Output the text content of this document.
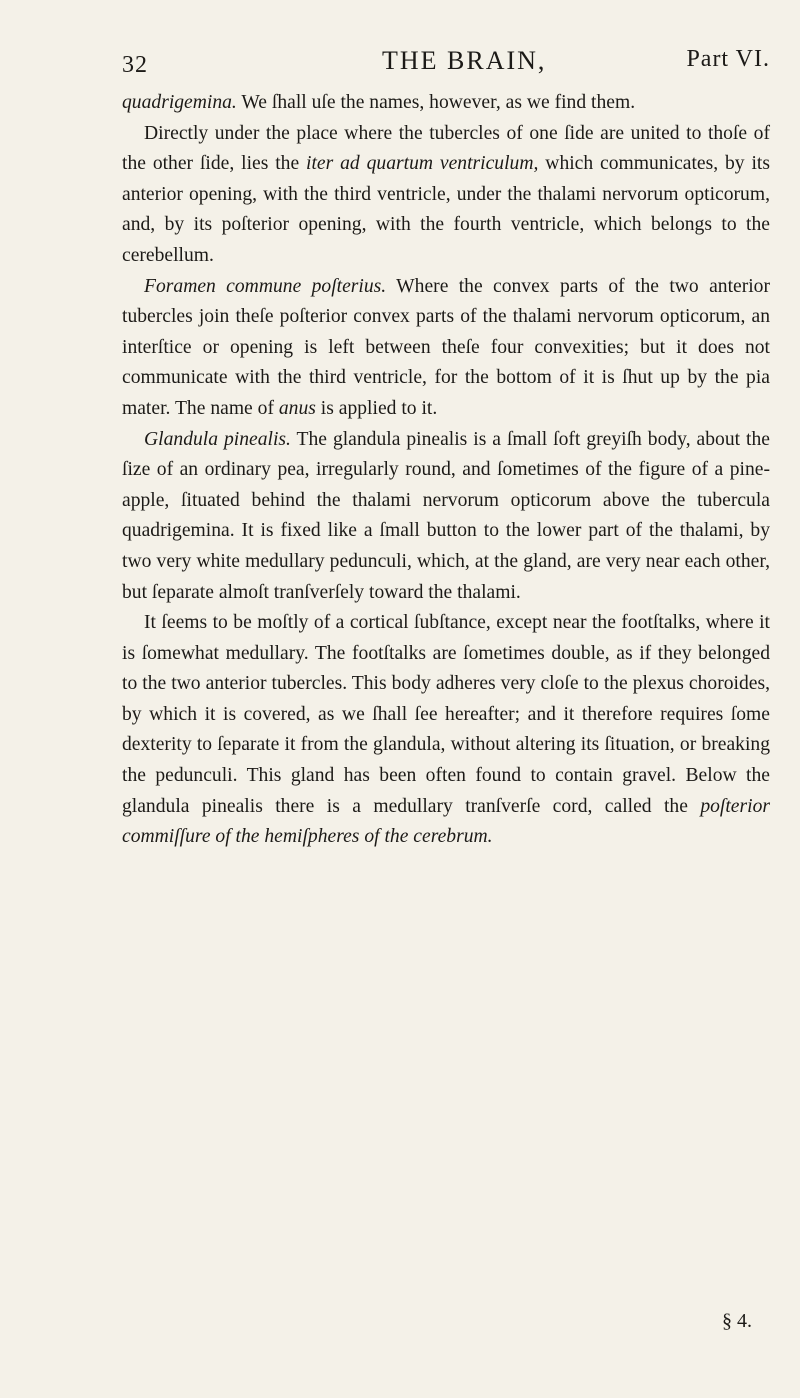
32	THE BRAIN,	Part VI.

quadrigemina. We ſhall uſe the names, however, as we find them.

Directly under the place where the tubercles of one ſide are united to thoſe of the other ſide, lies the iter ad quartum ventriculum, which communicates, by its anterior opening, with the third ventricle, under the thalami nervorum opticorum, and, by its poſterior opening, with the fourth ventricle, which belongs to the cerebellum.

Foramen commune poſterius. Where the convex parts of the two anterior tubercles join theſe poſterior convex parts of the thalami nervorum opticorum, an interſtice or opening is left between theſe four convexities; but it does not communicate with the third ventricle, for the bottom of it is ſhut up by the pia mater. The name of anus is applied to it.

Glandula pinealis. The glandula pinealis is a ſmall ſoft greyiſh body, about the ſize of an ordinary pea, irregularly round, and ſometimes of the figure of a pine-apple, ſituated behind the thalami nervorum opticorum above the tubercula quadrigemina. It is fixed like a ſmall button to the lower part of the thalami, by two very white medullary pedunculi, which, at the gland, are very near each other, but ſeparate almoſt tranſverſely toward the thalami.

It ſeems to be moſtly of a cortical ſubſtance, except near the footſtalks, where it is ſomewhat medullary. The footſtalks are ſometimes double, as if they belonged to the two anterior tubercles. This body adheres very cloſe to the plexus choroides, by which it is covered, as we ſhall ſee hereafter; and it therefore requires ſome dexterity to ſeparate it from the glandula, without altering its ſituation, or breaking the pedunculi. This gland has been often found to contain gravel. Below the glandula pinealis there is a medullary tranſverſe cord, called the poſterior commiſſure of the hemiſpheres of the cerebrum.

§ 4.
